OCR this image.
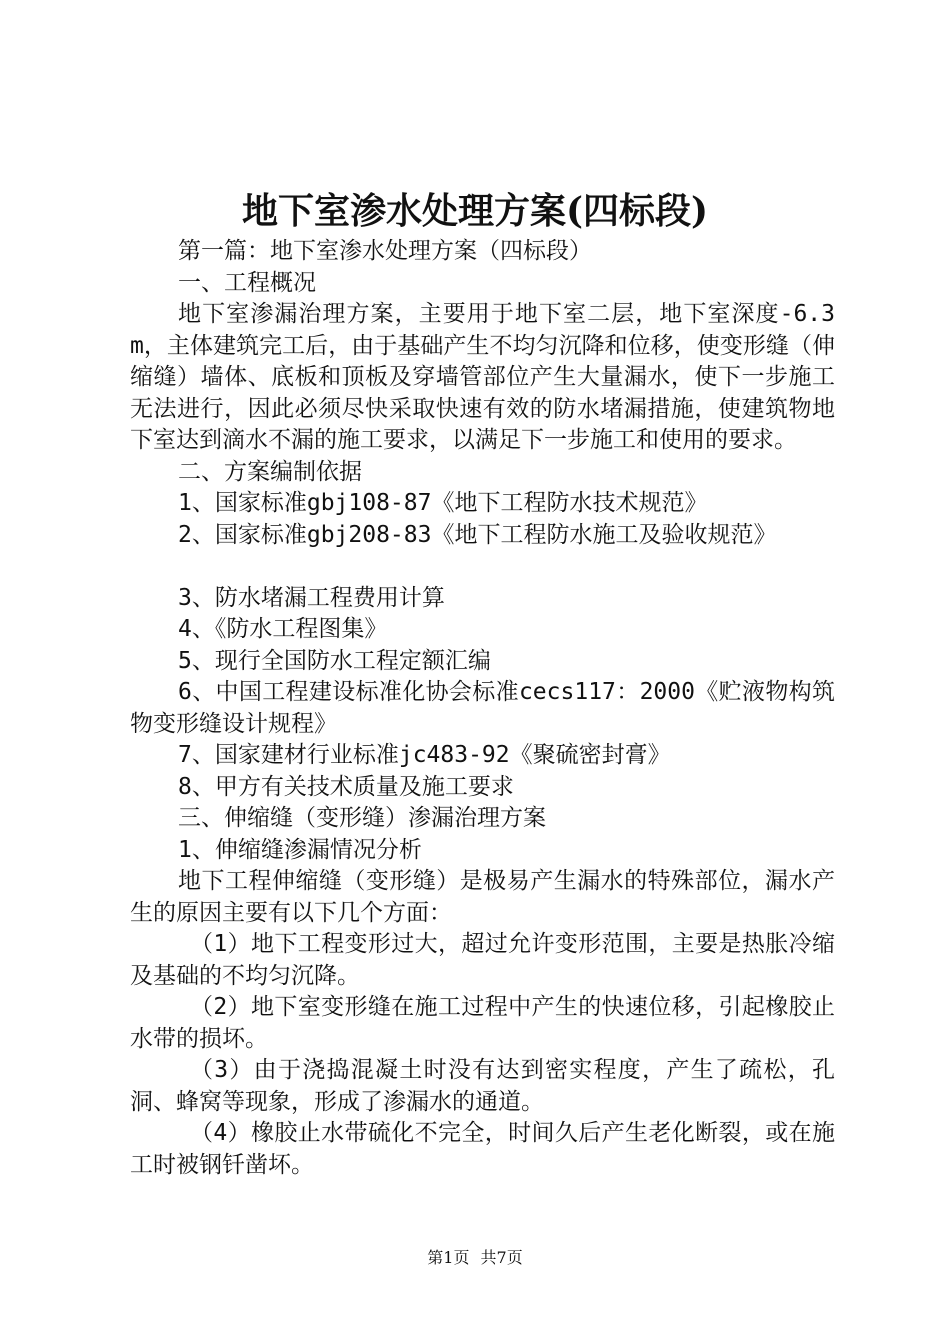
地下室渗水处理方案(四标段)

第一篇：地下室渗水处理方案（四标段）

一、工程概况

地下室渗漏治理方案，主要用于地下室二层，地下室深度-6.3m，主体建筑完工后，由于基础产生不均匀沉降和位移，使变形缝（伸缩缝）墙体、底板和顶板及穿墙管部位产生大量漏水，使下一步施工无法进行，因此必须尽快采取快速有效的防水堵漏措施，使建筑物地下室达到滴水不漏的施工要求，以满足下一步施工和使用的要求。

二、方案编制依据

1、国家标准gbj108-87《地下工程防水技术规范》

2、国家标准gbj208-83《地下工程防水施工及验收规范》

3、防水堵漏工程费用计算

4、《防水工程图集》

5、现行全国防水工程定额汇编

6、中国工程建设标准化协会标准cecs117：2000《贮液物构筑物变形缝设计规程》

7、国家建材行业标准jc483-92《聚硫密封膏》

8、甲方有关技术质量及施工要求

三、伸缩缝（变形缝）渗漏治理方案

1、伸缩缝渗漏情况分析

地下工程伸缩缝（变形缝）是极易产生漏水的特殊部位，漏水产生的原因主要有以下几个方面：

（1）地下工程变形过大，超过允许变形范围，主要是热胀冷缩及基础的不均匀沉降。

（2）地下室变形缝在施工过程中产生的快速位移，引起橡胶止水带的损坏。

（3）由于浇捣混凝土时没有达到密实程度，产生了疏松，孔洞、蜂窝等现象，形成了渗漏水的通道。

（4）橡胶止水带硫化不完全，时间久后产生老化断裂，或在施工时被钢钎凿坏。

第1页 共7页
